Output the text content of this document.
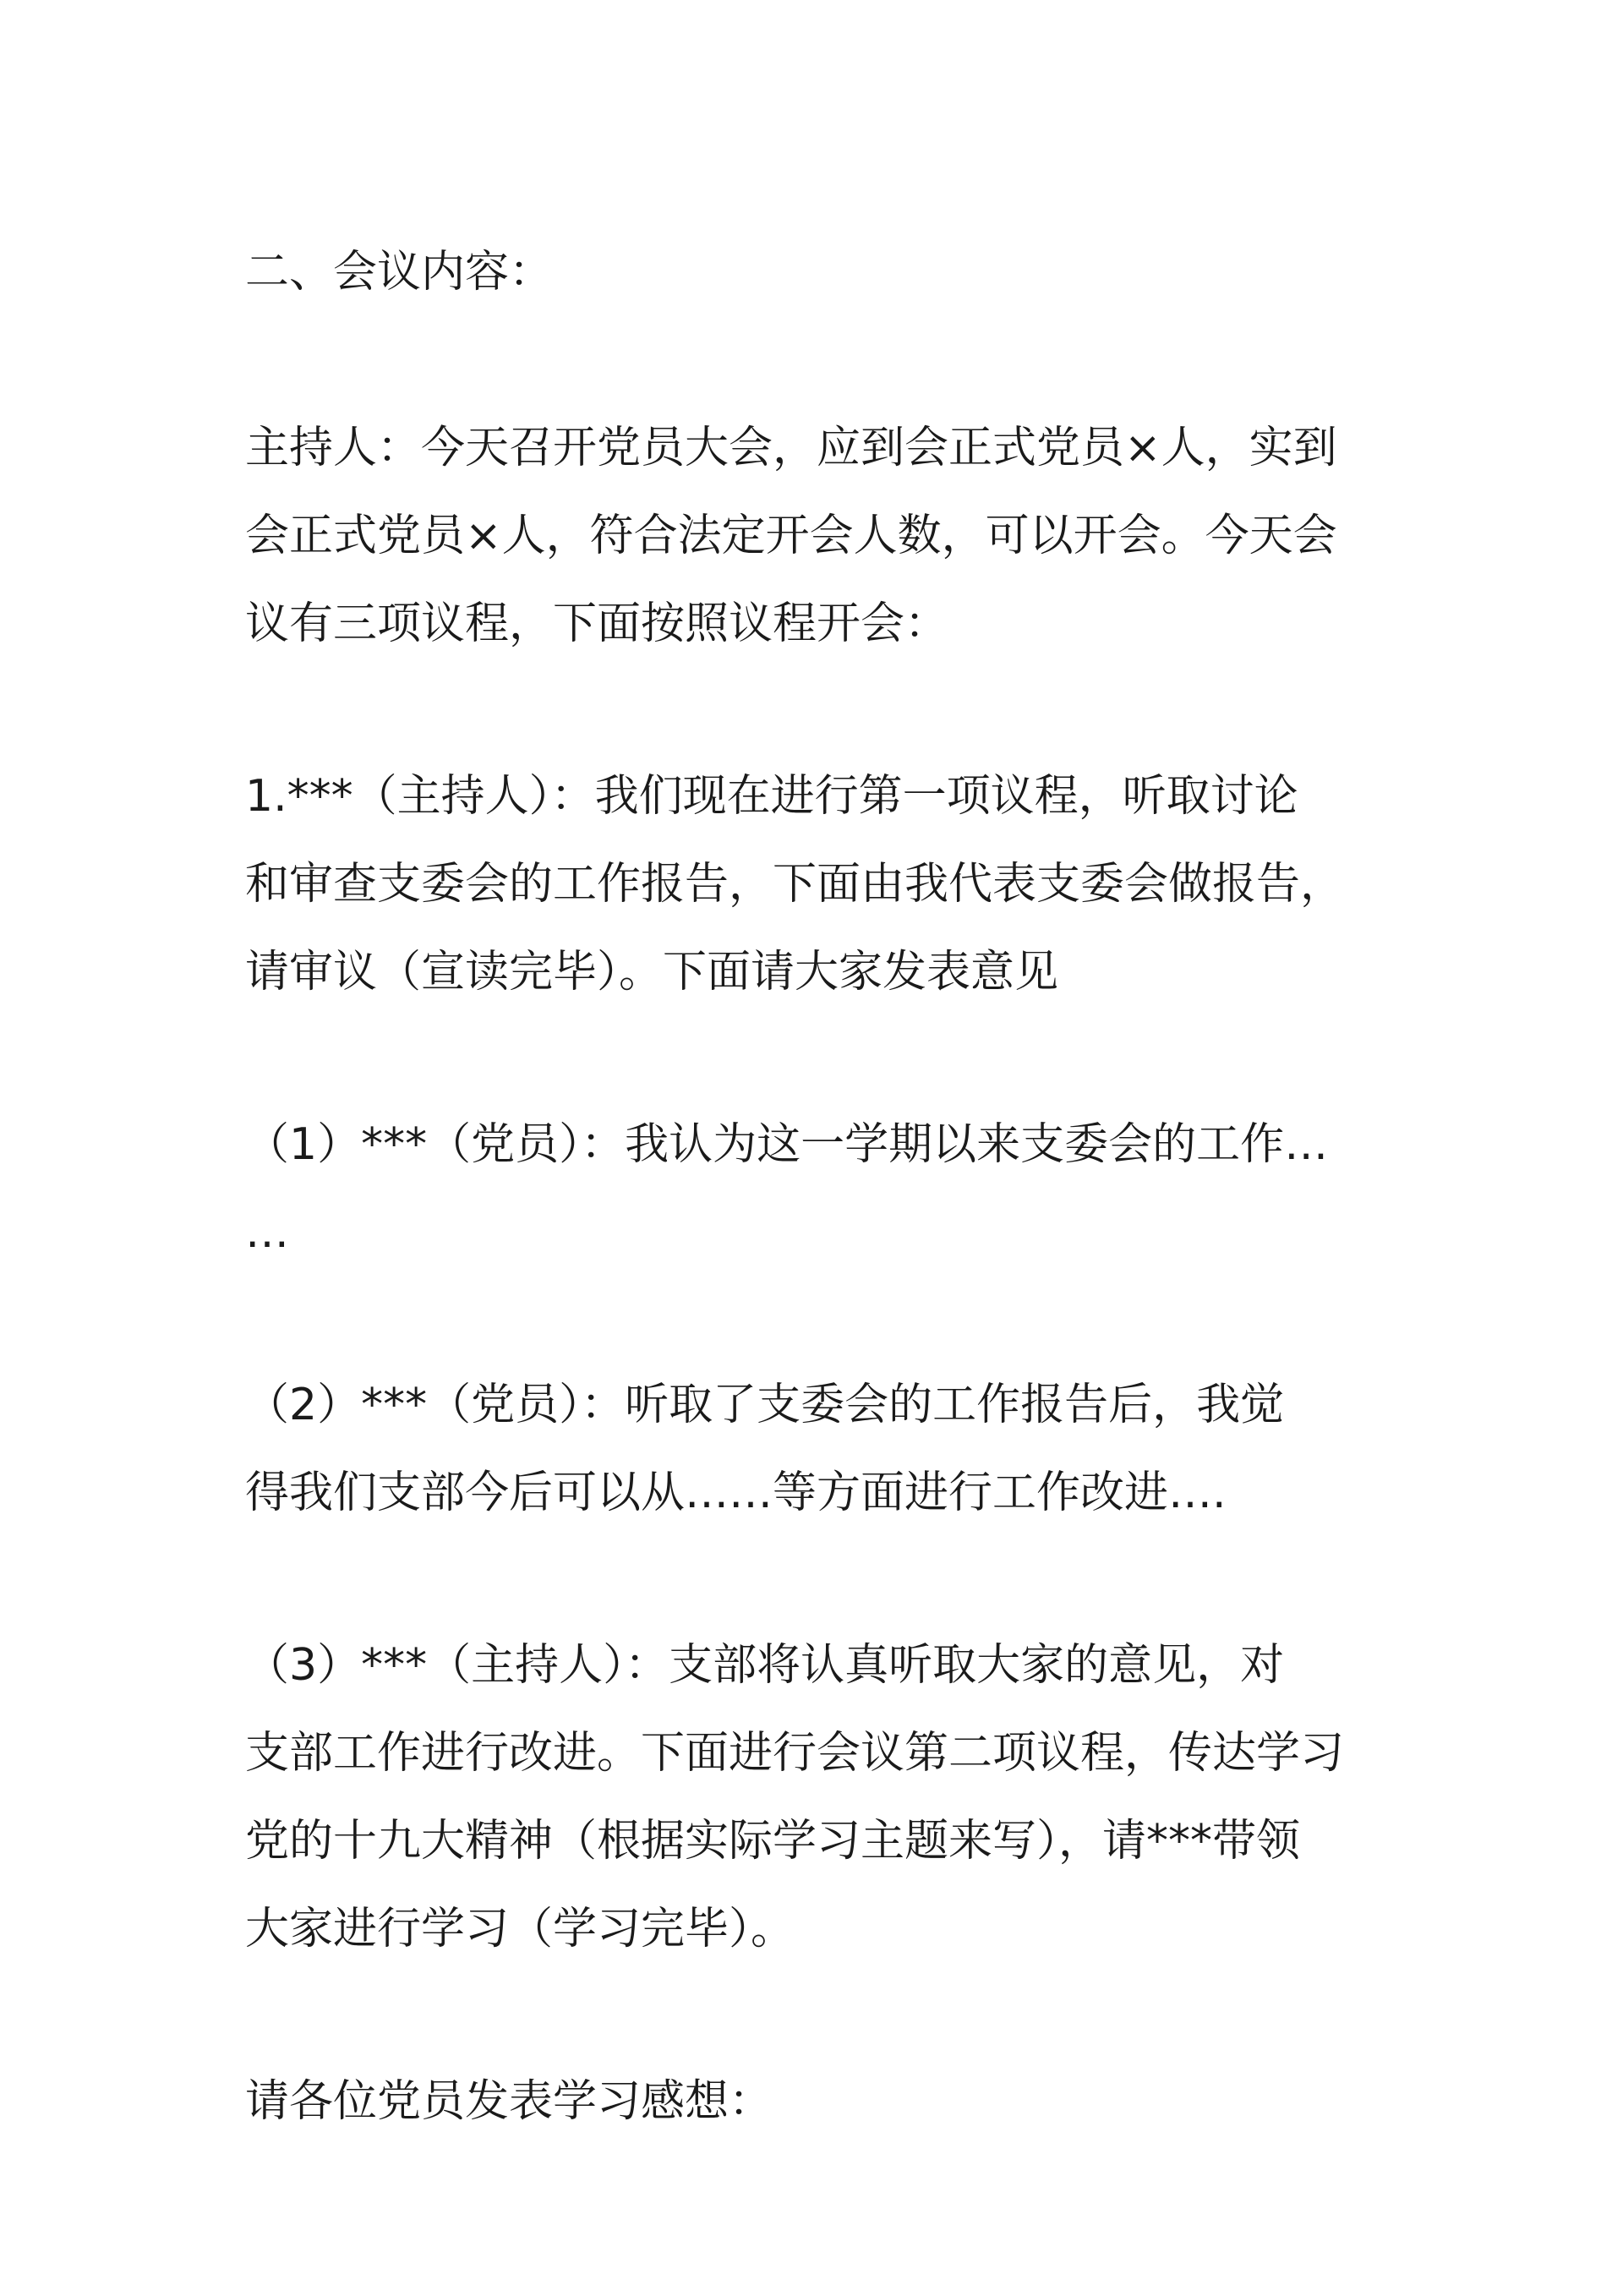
二、会议内容：

主持人：今天召开党员大会，应到会正式党员×人，实到
会正式党员×人，符合法定开会人数，可以开会。今天会
议有三项议程，下面按照议程开会：

1.***（主持人）：我们现在进行第一项议程，听取讨论
和审查支委会的工作报告，下面由我代表支委会做报告，
请审议（宣读完毕）。下面请大家发表意见

（1）***（党员）：我认为这一学期以来支委会的工作…
…

（2）***（党员）：听取了支委会的工作报告后，我觉
得我们支部今后可以从……等方面进行工作改进….

（3）***（主持人）：支部将认真听取大家的意见，对
支部工作进行改进。下面进行会议第二项议程，传达学习
党的十九大精神（根据实际学习主题来写），请***带领
大家进行学习（学习完毕）。

请各位党员发表学习感想：
